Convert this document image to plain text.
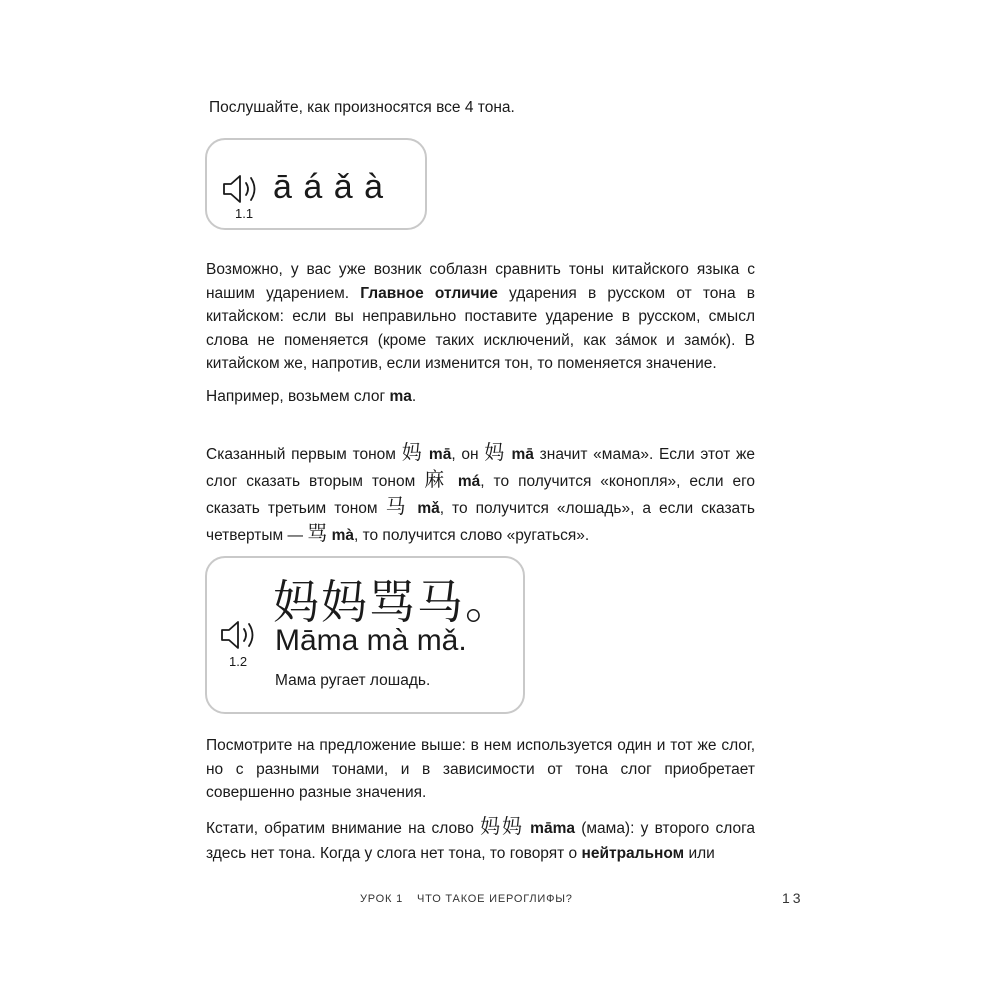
Послушайте, как произносятся все 4 тона.

1.1
ā á ǎ à

Возможно, у вас уже возник соблазн сравнить тоны китайского языка с нашим ударением. Главное отличие ударения в русском от тона в китайском: если вы неправильно поставите ударение в русском, смысл слова не поменяется (кроме таких исключений, как за́мок и замо́к). В китайском же, напротив, если изменится тон, то поменяется значение.

Например, возьмем слог ma.

Сказанный первым тоном 妈 mā, он 妈 mā значит «мама». Если этот же слог сказать вторым тоном 麻 má, то получится «конопля», если его сказать третьим тоном 马 mǎ, то получится «лошадь», а если сказать четвертым — 骂 mà, то получится слово «ругаться».

1.2
妈妈骂马。
Māma mà mǎ.
Мама ругает лошадь.

Посмотрите на предложение выше: в нем используется один и тот же слог, но с разными тонами, и в зависимости от тона слог приобретает совершенно разные значения.

Кстати, обратим внимание на слово 妈妈 māma (мама): у второго слога здесь нет тона. Когда у слога нет тона, то говорят о нейтральном или

УРОК 1 ЧТО ТАКОЕ ИЕРОГЛИФЫ?	13
